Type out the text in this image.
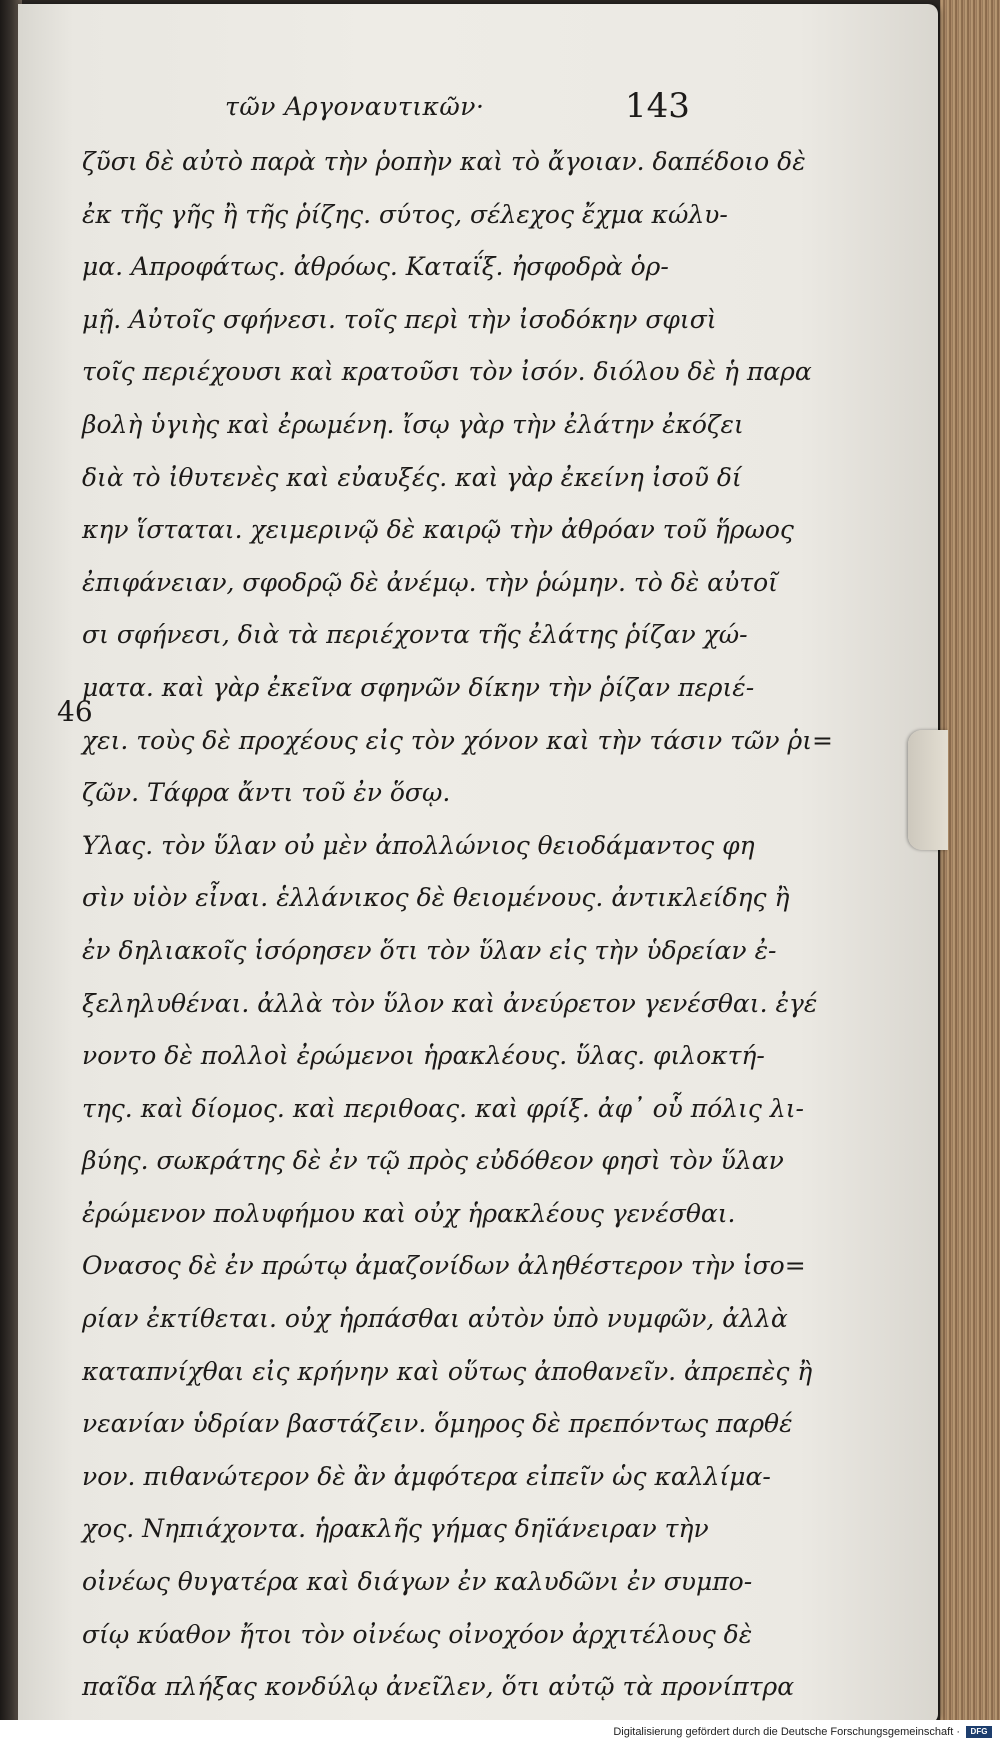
τῶν Αργοναυτικῶν·	143
46
ζῦσι δὲ αὐτὸ παρὰ τὴν ῥοπὴν καὶ τὸ ἄγοιαν. δαπέδοιο δὲ
ἐκ τῆς γῆς ἢ τῆς ῥίζης. σύτος, σέλεχος ἔχμα κώλυ-
μα. Απροφάτως. ἀθρόως. Καταΐξ. ἠσφοδρὰ ὁρ-
μῇ. Αὐτοῖς σφήνεσι. τοῖς περὶ τὴν ἰσοδόκην σφισὶ
τοῖς περιέχουσι καὶ κρατοῦσι τὸν ἰσόν. διόλου δὲ ἡ παρα
βολὴ ὑγιὴς καὶ ἐρωμένη. ἴσῳ γὰρ τὴν ἐλάτην ἐκόζει
διὰ τὸ ἰθυτενὲς καὶ εὐαυξές. καὶ γὰρ ἐκείνη ἰσοῦ δί
κην ἵσταται. χειμερινῷ δὲ καιρῷ τὴν ἀθρόαν τοῦ ἥρωος
ἐπιφάνειαν, σφοδρῷ δὲ ἀνέμῳ. τὴν ῥώμην. τὸ δὲ αὐτοῖ
σι σφήνεσι, διὰ τὰ περιέχοντα τῆς ἐλάτης ῥίζαν χώ-
ματα. καὶ γὰρ ἐκεῖνα σφηνῶν δίκην τὴν ῥίζαν περιέ-
χει. τοὺς δὲ προχέους εἰς τὸν χόνον καὶ τὴν τάσιν τῶν ῥι=
ζῶν. Τάφρα ἄντι τοῦ ἐν ὅσῳ.
Υλας. τὸν ὕλαν οὐ μὲν ἀπολλώνιος θειοδάμαντος φη
σὶν υἱὸν εἶναι. ἑλλάνικος δὲ θειομένους. ἀντικλείδης ἢ
ἐν δηλιακοῖς ἱσόρησεν ὅτι τὸν ὕλαν εἰς τὴν ὑδρείαν ἐ-
ξεληλυθέναι. ἀλλὰ τὸν ὕλον καὶ ἀνεύρετον γενέσθαι. ἐγέ
νοντο δὲ πολλοὶ ἐρώμενοι ἡρακλέους. ὕλας. φιλοκτή-
της. καὶ δίομος. καὶ περιθοας. καὶ φρίξ. ἀφ᾽ οὗ πόλις λι-
βύης. σωκράτης δὲ ἐν τῷ πρὸς εὐδόθεον φησὶ τὸν ὕλαν
ἐρώμενον πολυφήμου καὶ οὐχ ἡρακλέους γενέσθαι.
Ονασος δὲ ἐν πρώτῳ ἀμαζονίδων ἀληθέστερον τὴν ἱσο=
ρίαν ἐκτίθεται. οὐχ ἡρπάσθαι αὐτὸν ὑπὸ νυμφῶν, ἀλλὰ
καταπνίχθαι εἰς κρήνην καὶ οὕτως ἀποθανεῖν. ἀπρεπὲς ἢ
νεανίαν ὑδρίαν βαστάζειν. ὅμηρος δὲ πρεπόντως παρθέ
νον. πιθανώτερον δὲ ἂν ἀμφότερα εἰπεῖν ὡς καλλίμα-
χος. Νηπιάχοντα. ἡρακλῆς γήμας δηϊάνειραν τὴν
οἰνέως θυγατέρα καὶ διάγων ἐν καλυδῶνι ἐν συμπο-
σίῳ κύαθον ἤτοι τὸν οἰνέως οἰνοχόον ἀρχιτέλους δὲ
παῖδα πλήξας κονδύλῳ ἀνεῖλεν, ὅτι αὐτῷ τὰ προνίπτρα
Digitalisierung gefördert durch die Deutsche Forschungsgemeinschaft ·	DFG
